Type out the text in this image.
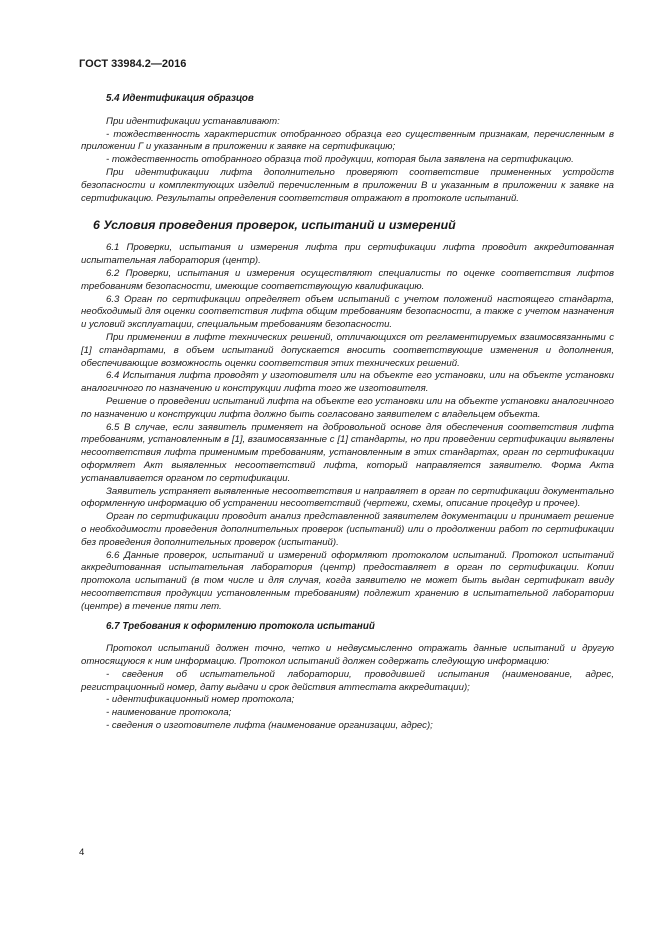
ГОСТ 33984.2—2016
5.4 Идентификация образцов

При идентификации устанавливают:

- тождественность характеристик отобранного образца его существенным признакам, перечисленным в приложении Г и указанным в приложении к заявке на сертификацию;

- тождественность отобранного образца той продукции, которая была заявлена на сертификацию.

При идентификации лифта дополнительно проверяют соответствие примененных устройств безопасности и комплектующих изделий перечисленным в приложении В и указанным в приложении к заявке на сертификацию. Результаты определения соответствия отражают в протоколе испытаний.

6 Условия проведения проверок, испытаний и измерений

6.1 Проверки, испытания и измерения лифта при сертификации лифта проводит аккредитованная испытательная лаборатория (центр).

6.2 Проверки, испытания и измерения осуществляют специалисты по оценке соответствия лифтов требованиям безопасности, имеющие соответствующую квалификацию.

6.3 Орган по сертификации определяет объем испытаний с учетом положений настоящего стандарта, необходимый для оценки соответствия лифта общим требованиям безопасности, а также с учетом назначения и условий эксплуатации, специальным требованиям безопасности.

При применении в лифте технических решений, отличающихся от регламентируемых взаимосвязанными с [1] стандартами, в объем испытаний допускается вносить соответствующие изменения и дополнения, обеспечивающие возможность оценки соответствия этих технических решений.

6.4 Испытания лифта проводят у изготовителя или на объекте его установки, или на объекте установки аналогичного по назначению и конструкции лифта того же изготовителя.

Решение о проведении испытаний лифта на объекте его установки или на объекте установки аналогичного по назначению и конструкции лифта должно быть согласовано заявителем с владельцем объекта.

6.5 В случае, если заявитель применяет на добровольной основе для обеспечения соответствия лифта требованиям, установленным в [1], взаимосвязанные с [1] стандарты, но при проведении сертификации выявлены несоответствия лифта применимым требованиям, установленным в этих стандартах, орган по сертификации оформляет Акт выявленных несоответствий лифта, который направляется заявителю. Форма Акта устанавливается органом по сертификации.

Заявитель устраняет выявленные несоответствия и направляет в орган по сертификации документально оформленную информацию об устранении несоответствий (чертежи, схемы, описание процедур и прочее).

Орган по сертификации проводит анализ представленной заявителем документации и принимает решение о необходимости проведения дополнительных проверок (испытаний) или о продолжении работ по сертификации без проведения дополнительных проверок (испытаний).

6.6 Данные проверок, испытаний и измерений оформляют протоколом испытаний. Протокол испытаний аккредитованная испытательная лаборатория (центр) предоставляет в орган по сертификации. Копии протокола испытаний (в том числе и для случая, когда заявителю не может быть выдан сертификат ввиду несоответствия продукции установленным требованиям) подлежит хранению в испытательной лаборатории (центре) в течение пяти лет.

6.7 Требования к оформлению протокола испытаний

Протокол испытаний должен точно, четко и недвусмысленно отражать данные испытаний и другую относящуюся к ним информацию. Протокол испытаний должен содержать следующую информацию:

- сведения об испытательной лаборатории, проводившей испытания (наименование, адрес, регистрационный номер, дату выдачи и срок действия аттестата аккредитации);

- идентификационный номер протокола;

- наименование протокола;

- сведения о изготовителе лифта (наименование организации, адрес);

4
